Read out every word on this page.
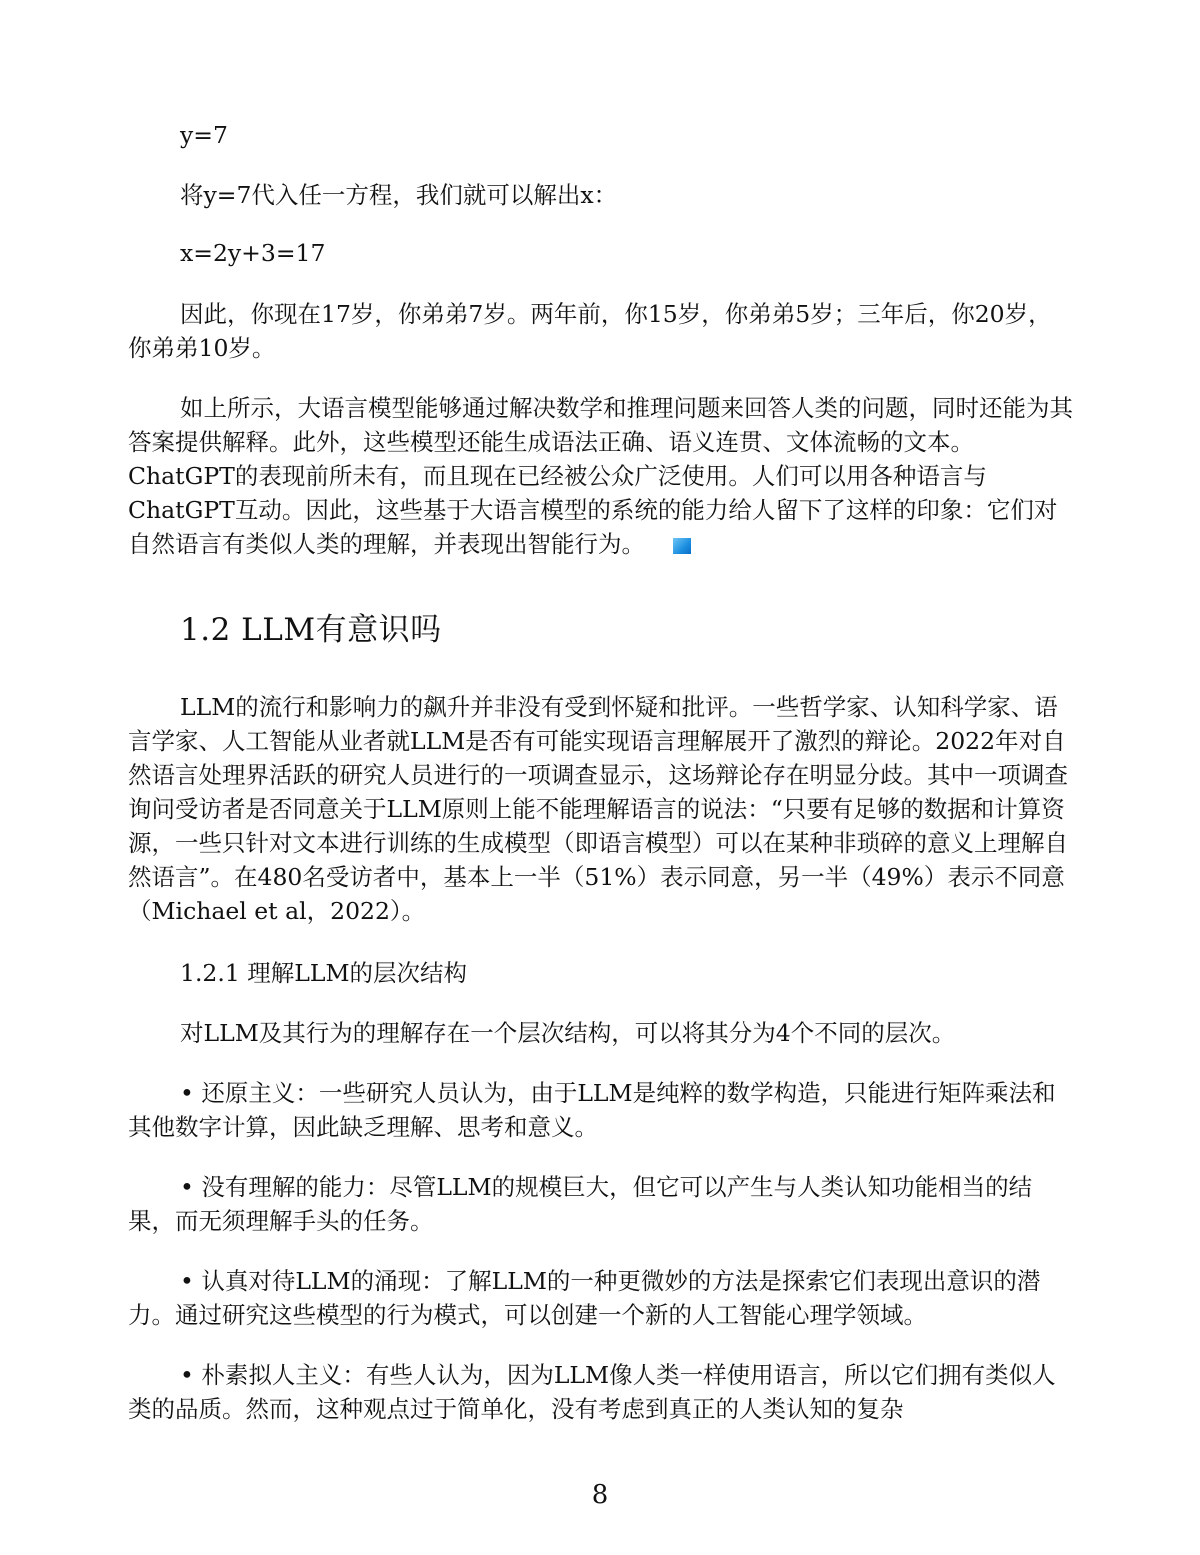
y=7

将y=7代入任一方程，我们就可以解出x：

x=2y+3=17

因此，你现在17岁，你弟弟7岁。两年前，你15岁，你弟弟5岁；三年后，你20岁，你弟弟10岁。

如上所示，大语言模型能够通过解决数学和推理问题来回答人类的问题，同时还能为其答案提供解释。此外，这些模型还能生成语法正确、语义连贯、文体流畅的文本。ChatGPT的表现前所未有，而且现在已经被公众广泛使用。人们可以用各种语言与ChatGPT互动。因此，这些基于大语言模型的系统的能力给人留下了这样的印象：它们对自然语言有类似人类的理解，并表现出智能行为。

1.2 LLM有意识吗

LLM的流行和影响力的飙升并非没有受到怀疑和批评。一些哲学家、认知科学家、语言学家、人工智能从业者就LLM是否有可能实现语言理解展开了激烈的辩论。2022年对自然语言处理界活跃的研究人员进行的一项调查显示，这场辩论存在明显分歧。其中一项调查询问受访者是否同意关于LLM原则上能不能理解语言的说法：“只要有足够的数据和计算资源，一些只针对文本进行训练的生成模型（即语言模型）可以在某种非琐碎的意义上理解自然语言”。在480名受访者中，基本上一半（51%）表示同意，另一半（49%）表示不同意（Michael et al，2022）。

1.2.1 理解LLM的层次结构

对LLM及其行为的理解存在一个层次结构，可以将其分为4个不同的层次。

• 还原主义：一些研究人员认为，由于LLM是纯粹的数学构造，只能进行矩阵乘法和其他数字计算，因此缺乏理解、思考和意义。

• 没有理解的能力：尽管LLM的规模巨大，但它可以产生与人类认知功能相当的结果，而无须理解手头的任务。

• 认真对待LLM的涌现：了解LLM的一种更微妙的方法是探索它们表现出意识的潜力。通过研究这些模型的行为模式，可以创建一个新的人工智能心理学领域。

• 朴素拟人主义：有些人认为，因为LLM像人类一样使用语言，所以它们拥有类似人类的品质。然而，这种观点过于简单化，没有考虑到真正的人类认知的复杂

8
